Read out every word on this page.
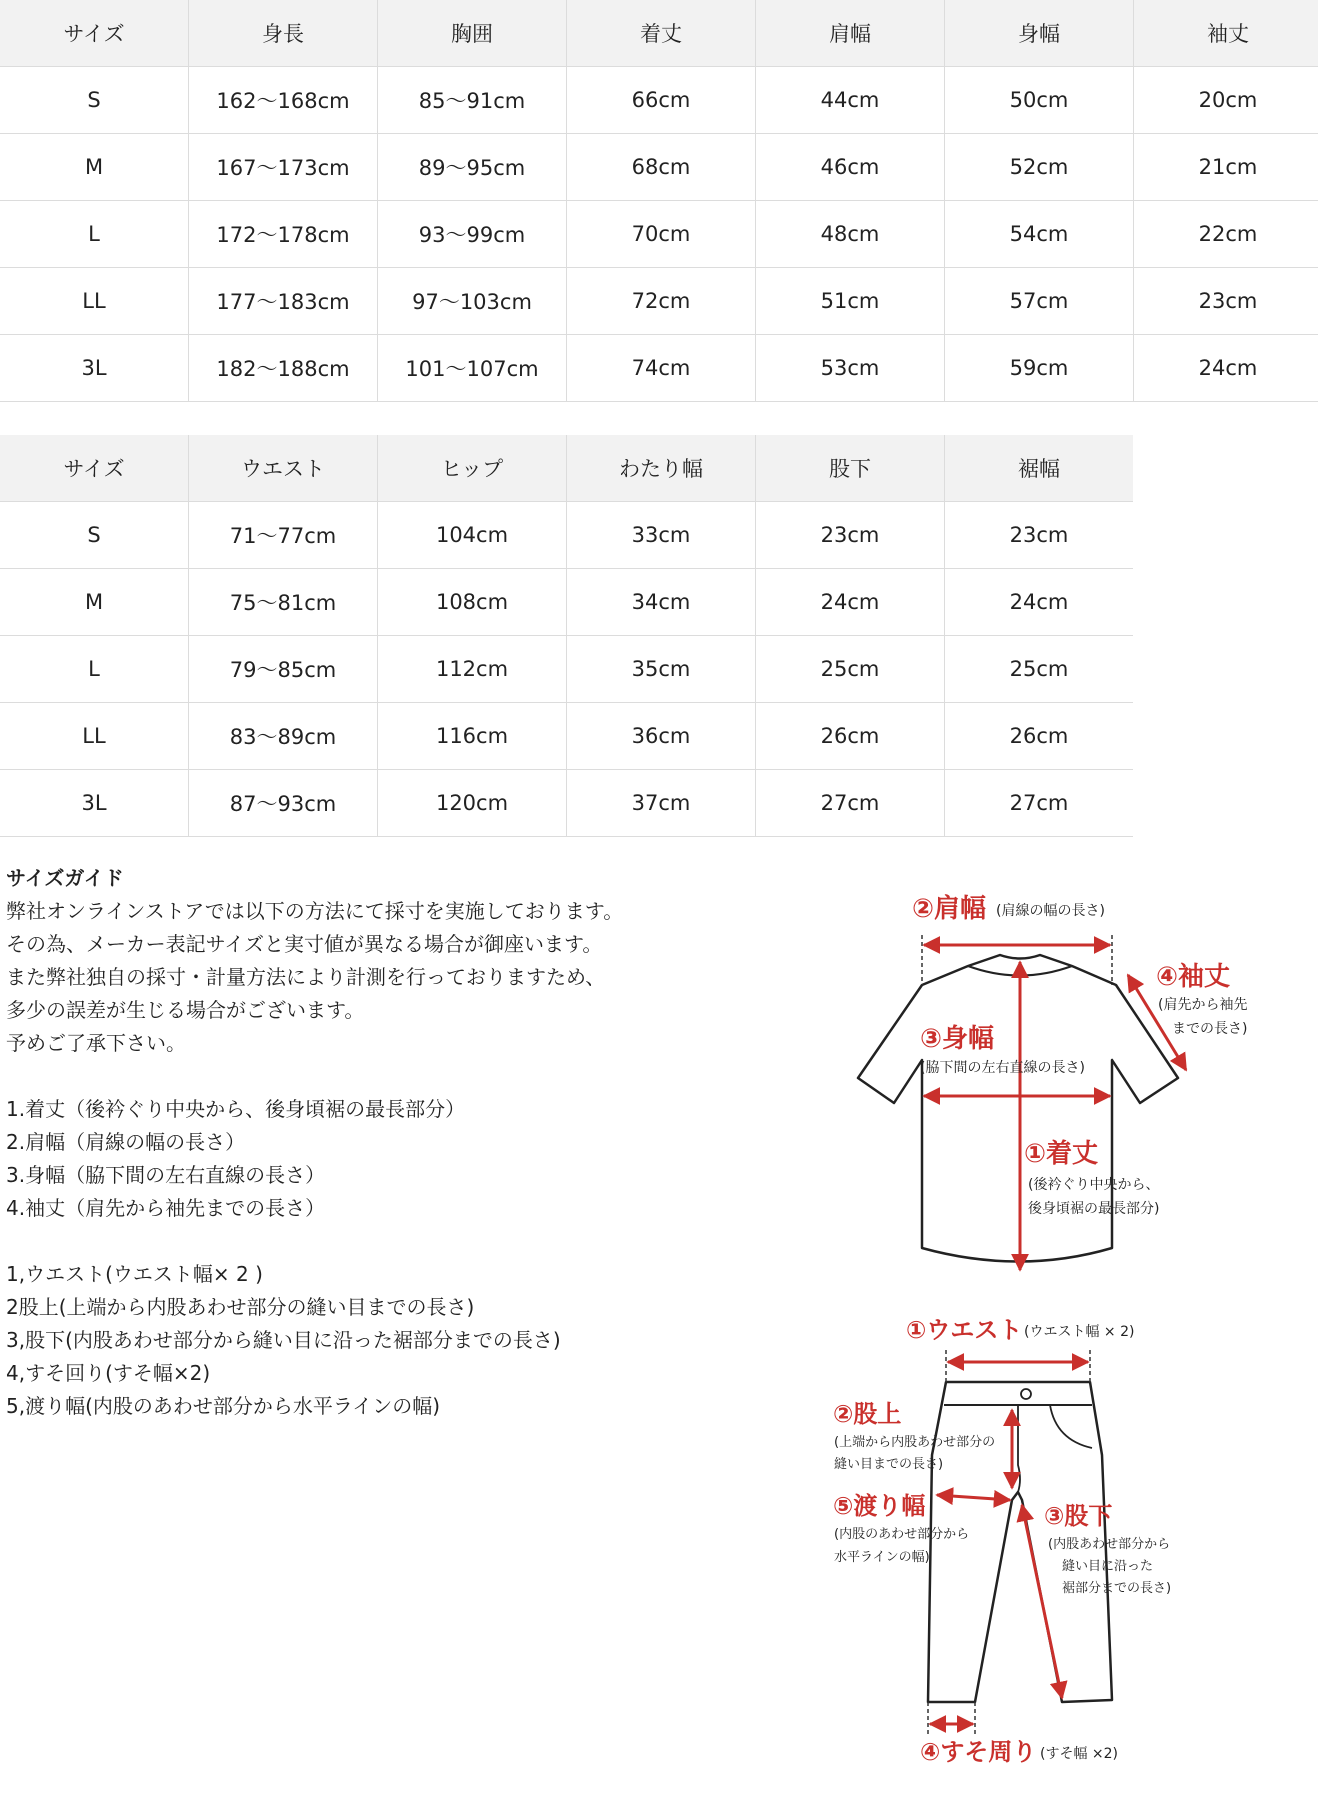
サイズ	身長	胸囲	着丈	肩幅	身幅	袖丈
S	162〜168cm	85〜91cm	66cm	44cm	50cm	20cm
M	167〜173cm	89〜95cm	68cm	46cm	52cm	21cm
L	172〜178cm	93〜99cm	70cm	48cm	54cm	22cm
LL	177〜183cm	97〜103cm	72cm	51cm	57cm	23cm
3L	182〜188cm	101〜107cm	74cm	53cm	59cm	24cm
サイズ	ウエスト	ヒップ	わたり幅	股下	裾幅
S	71〜77cm	104cm	33cm	23cm	23cm
M	75〜81cm	108cm	34cm	24cm	24cm
L	79〜85cm	112cm	35cm	25cm	25cm
LL	83〜89cm	116cm	36cm	26cm	26cm
3L	87〜93cm	120cm	37cm	27cm	27cm

サイズガイド

弊社オンラインストアでは以下の方法にて採寸を実施しております。

その為、メーカー表記サイズと実寸値が異なる場合が御座います。

また弊社独自の採寸・計量方法により計測を行っておりますため、

多少の誤差が生じる場合がございます。

予めご了承下さい。

1.着丈（後衿ぐり中央から、後身頃裾の最長部分）

2.肩幅（肩線の幅の長さ）

3.身幅（脇下間の左右直線の長さ）

4.袖丈（肩先から袖先までの長さ）

1,ウエスト(ウエスト幅× 2 )

2股上(上端から内股あわせ部分の縫い目までの長さ)

3,股下(内股あわせ部分から縫い目に沿った裾部分までの長さ)

4,すそ回り(すそ幅×2)

5,渡り幅(内股のあわせ部分から水平ラインの幅)

②肩幅 (肩線の幅の長さ)
④袖丈
(肩先から袖先
までの長さ)
③身幅
(脇下間の左右直線の長さ)
①着丈
(後衿ぐり中央から、
後身頃裾の最長部分)
①ウエスト (ウエスト幅 × 2)
②股上
(上端から内股あわせ部分の
縫い目までの長さ)
⑤渡り幅
(内股のあわせ部分から
水平ラインの幅)
③股下
(内股あわせ部分から
縫い目に沿った
裾部分までの長さ)
④すそ周り (すそ幅 ×2)
